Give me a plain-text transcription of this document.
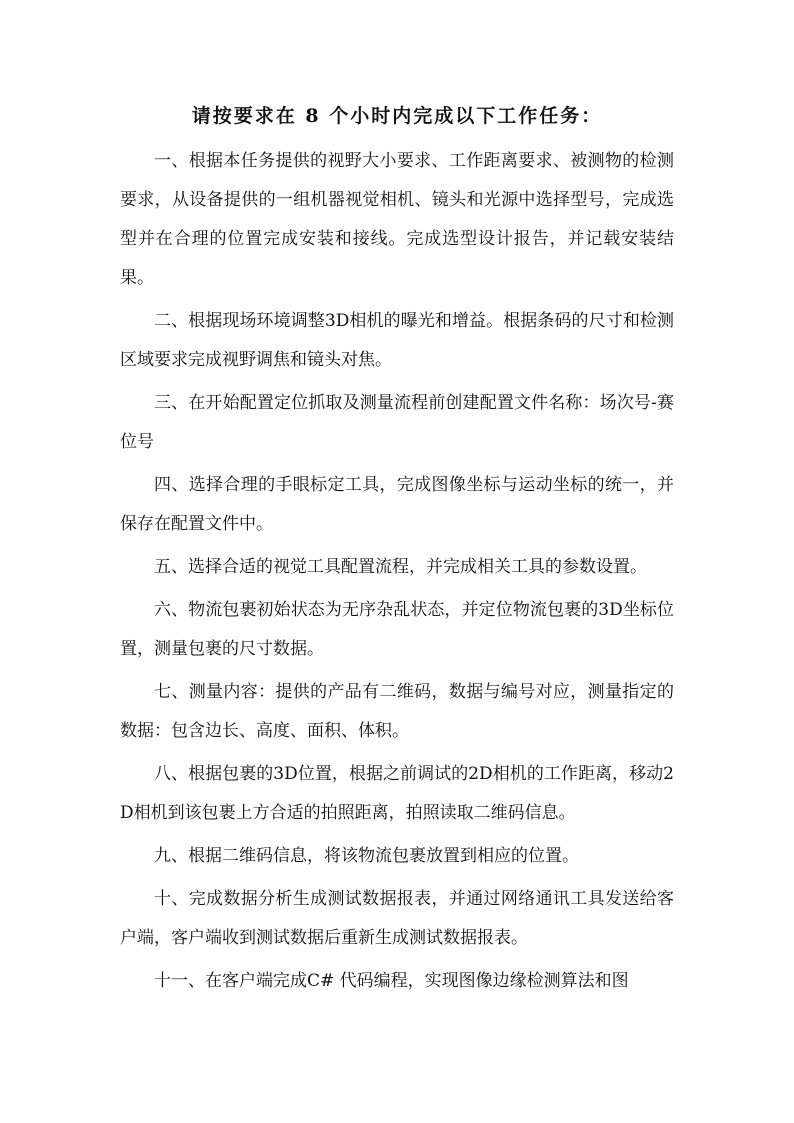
请按要求在 8 个小时内完成以下工作任务：

一、根据本任务提供的视野大小要求、工作距离要求、被测物的检测要求，从设备提供的一组机器视觉相机、镜头和光源中选择型号，完成选型并在合理的位置完成安装和接线。完成选型设计报告，并记载安装结果。

二、根据现场环境调整3D相机的曝光和增益。根据条码的尺寸和检测区域要求完成视野调焦和镜头对焦。

三、在开始配置定位抓取及测量流程前创建配置文件名称：场次号-赛位号

四、选择合理的手眼标定工具，完成图像坐标与运动坐标的统一，并保存在配置文件中。

五、选择合适的视觉工具配置流程，并完成相关工具的参数设置。

六、物流包裹初始状态为无序杂乱状态，并定位物流包裹的3D坐标位置，测量包裹的尺寸数据。

七、测量内容：提供的产品有二维码，数据与编号对应，测量指定的数据：包含边长、高度、面积、体积。

八、根据包裹的3D位置，根据之前调试的2D相机的工作距离，移动2D相机到该包裹上方合适的拍照距离，拍照读取二维码信息。

九、根据二维码信息，将该物流包裹放置到相应的位置。

十、完成数据分析生成测试数据报表，并通过网络通讯工具发送给客户端，客户端收到测试数据后重新生成测试数据报表。

十一、在客户端完成C# 代码编程，实现图像边缘检测算法和图
